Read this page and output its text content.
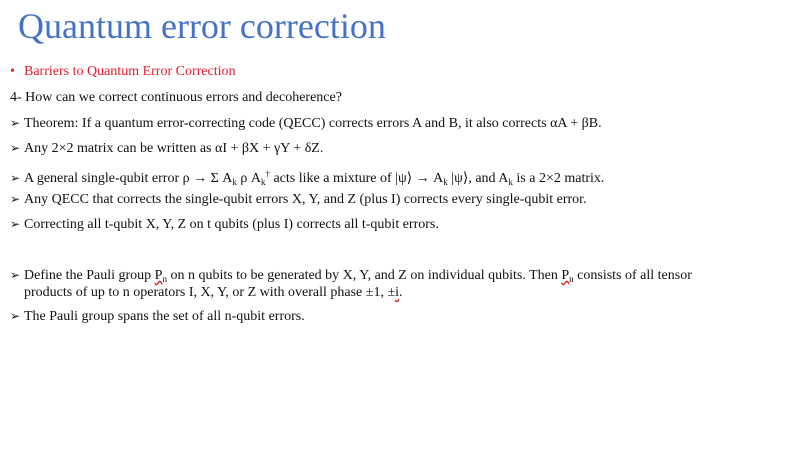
Quantum error correction
• Barriers to Quantum Error Correction
4- How can we correct continuous errors and decoherence?
➢ Theorem: If a quantum error-correcting code (QECC) corrects errors A and B, it also corrects αA + βB.
➢ Any 2×2 matrix can be written as αI + βX + γY + δZ.
➢ A general single-qubit error ρ → Σ $A_k$ ρ $A_k^\dagger$ acts like a mixture of |ψ⟩ → $A_k$ |ψ⟩, and $A_k$ is a 2×2 matrix.
➢ Any QECC that corrects the single-qubit errors X, Y, and Z (plus I) corrects every single-qubit error.
➢ Correcting all t-qubit X, Y, Z on t qubits (plus I) corrects all t-qubit errors.
➢ Define the Pauli group $P_n$ on n qubits to be generated by X, Y, and Z on individual qubits. Then $P_n$ consists of all tensor
products of up to n operators I, X, Y, or Z with overall phase ±1, ±i.
➢ The Pauli group spans the set of all n-qubit errors.
